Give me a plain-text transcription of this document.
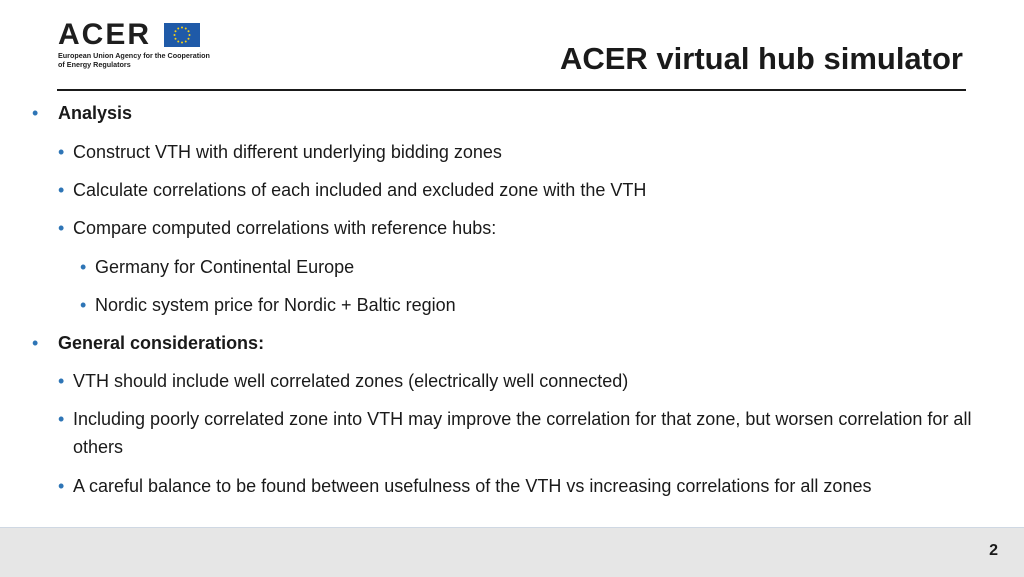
ACER
European Union Agency for the Cooperation
of Energy Regulators	ACER virtual hub simulator
• Analysis
• Construct VTH with different underlying bidding zones
• Calculate correlations of each included and excluded zone with the VTH
• Compare computed correlations with reference hubs:
• Germany for Continental Europe
• Nordic system price for Nordic + Baltic region
• General considerations:
• VTH should include well correlated zones (electrically well connected)
• Including poorly correlated zone into VTH may improve the correlation for that zone, but worsen correlation for all others
• A careful balance to be found between usefulness of the VTH vs increasing correlations for all zones
2
